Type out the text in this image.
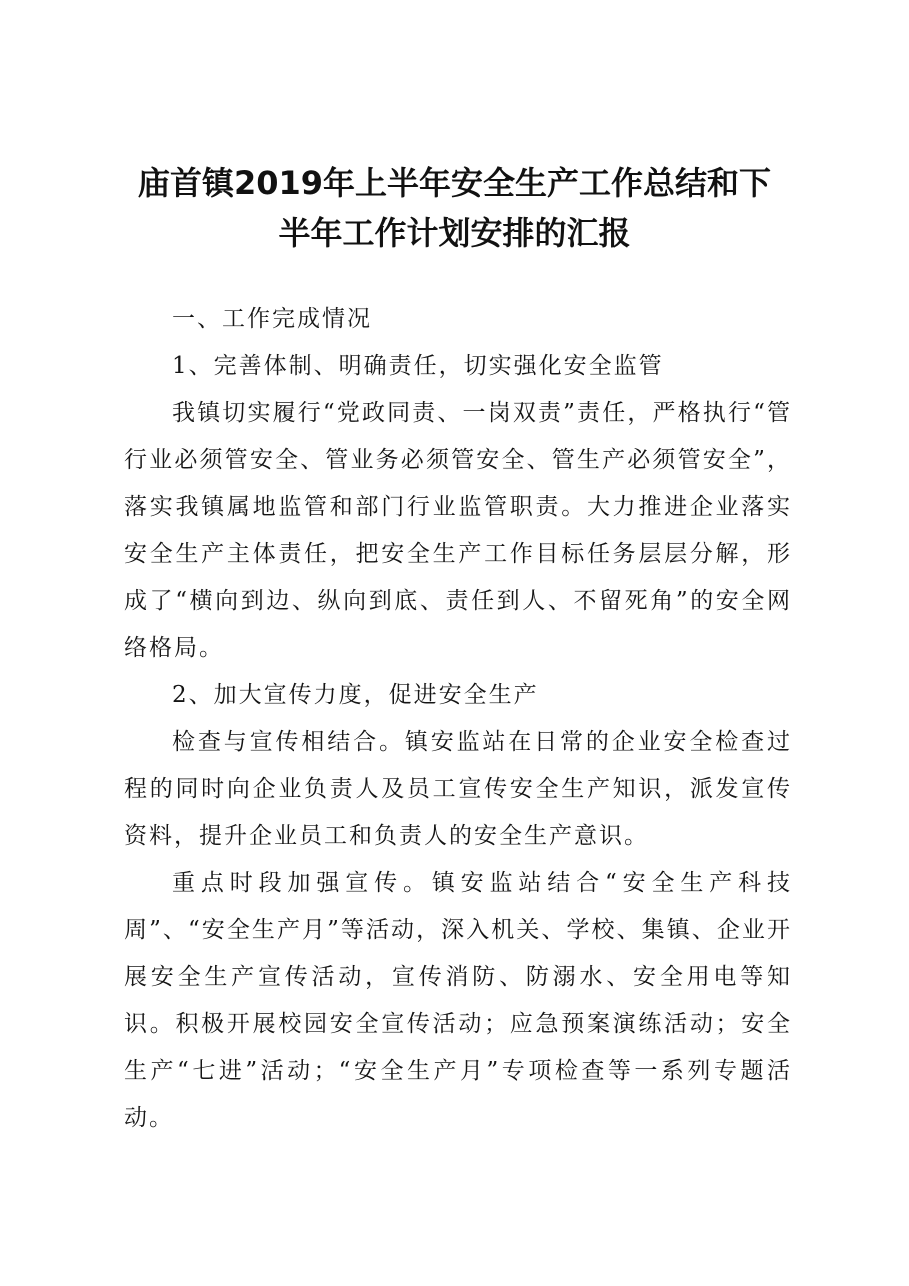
庙首镇2019年上半年安全生产工作总结和下
半年工作计划安排的汇报

一、工作完成情况

1、完善体制、明确责任，切实强化安全监管

我镇切实履行“党政同责、一岗双责”责任，严格执行“管行业必须管安全、管业务必须管安全、管生产必须管安全”，落实我镇属地监管和部门行业监管职责。大力推进企业落实安全生产主体责任，把安全生产工作目标任务层层分解，形成了“横向到边、纵向到底、责任到人、不留死角”的安全网络格局。

2、加大宣传力度，促进安全生产

检查与宣传相结合。镇安监站在日常的企业安全检查过程的同时向企业负责人及员工宣传安全生产知识，派发宣传资料，提升企业员工和负责人的安全生产意识。

重点时段加强宣传。镇安监站结合“安全生产科技周”、“安全生产月”等活动，深入机关、学校、集镇、企业开展安全生产宣传活动，宣传消防、防溺水、安全用电等知识。积极开展校园安全宣传活动；应急预案演练活动；安全生产“七进”活动；“安全生产月”专项检查等一系列专题活动。
